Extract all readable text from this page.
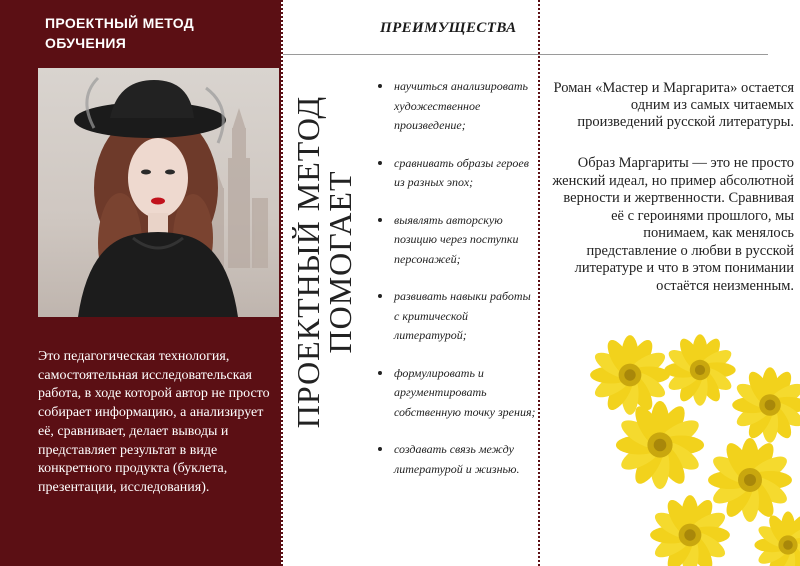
ПРОЕКТНЫЙ МЕТОД ОБУЧЕНИЯ
Это педагогическая технология, самостоятельная исследовательская работа, в ходе которой автор не просто собирает информацию, а анализирует её, сравнивает, делает выводы и представляет результат в виде конкретного продукта (буклета, презентации, исследования).
ПРЕИМУЩЕСТВА
ПРОЕКТНЫЙ МЕТОД
ПОМОГАЕТ
научиться анализировать художественное произведение;
сравнивать образы героев из разных эпох;
выявлять авторскую позицию через поступки персонажей;
развивать навыки работы с критической литературой;
формулировать и аргументировать собственную точку зрения;
создавать связь между литературой и жизнью.
Роман «Мастер и Маргарита» остается одним из самых читаемых произведений русской литературы.
Образ Маргариты — это не просто женский идеал, но пример абсолютной верности и жертвенности. Сравнивая её с героинями прошлого, мы понимаем, как менялось представление о любви в русской литературе и что в этом понимании остаётся неизменным.
